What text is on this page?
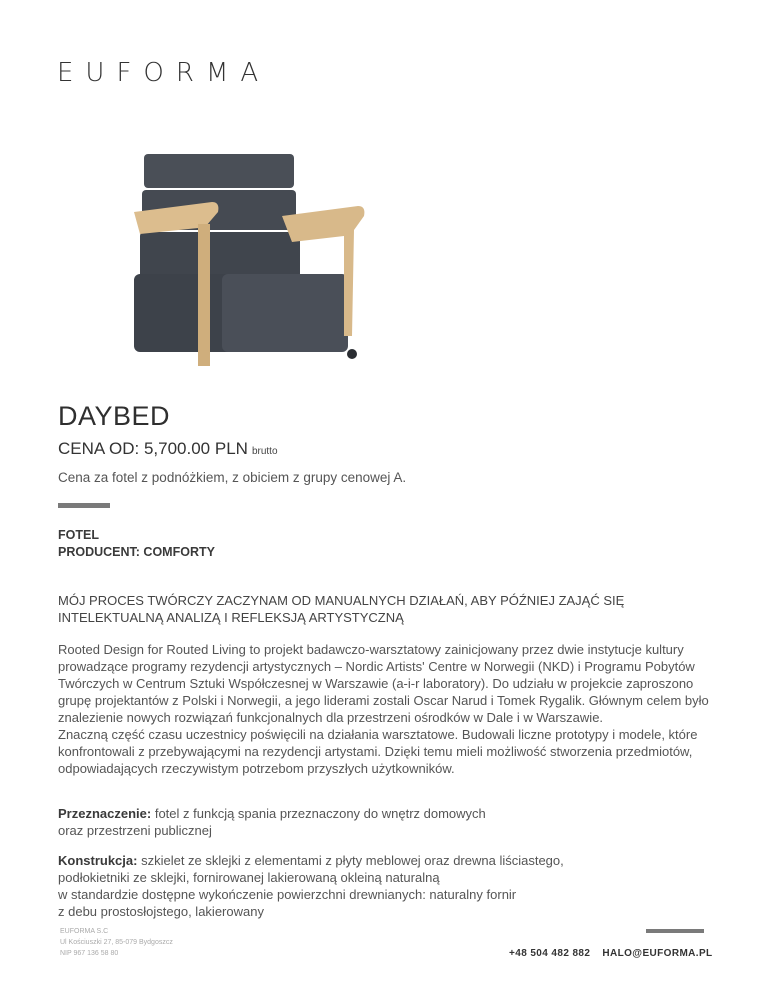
EUFORMA
DAYBED
CENA OD: 5,700.00 PLN brutto
Cena za fotel z podnóżkiem, z obiciem z grupy cenowej A.
FOTEL
PRODUCENT: COMFORTY
MÓJ PROCES TWÓRCZY ZACZYNAM OD MANUALNYCH DZIAŁAŃ, ABY PÓŹNIEJ ZAJĄĆ SIĘ INTELEKTUALNĄ ANALIZĄ I REFLEKSJĄ ARTYSTYCZNĄ

Rooted Design for Routed Living to projekt badawczo-warsztatowy zainicjowany przez dwie instytucje kultury prowadzące programy rezydencji artystycznych – Nordic Artists' Centre w Norwegii (NKD) i Programu Pobytów Twórczych w Centrum Sztuki Współczesnej w Warszawie (a-i-r laboratory). Do udziału w projekcie zaproszono grupę projektantów z Polski i Norwegii, a jego liderami zostali Oscar Narud i Tomek Rygalik. Głównym celem było znalezienie nowych rozwiązań funkcjonalnych dla przestrzeni ośrodków w Dale i w Warszawie.

Znaczną część czasu uczestnicy poświęcili na działania warsztatowe. Budowali liczne prototypy i modele, które konfrontowali z przebywającymi na rezydencji artystami. Dzięki temu mieli możliwość stworzenia przedmiotów, odpowiadających rzeczywistym potrzebom przyszłych użytkowników.

Przeznaczenie: fotel z funkcją spania przeznaczony do wnętrz domowych
oraz przestrzeni publicznej
Konstrukcja: szkielet ze sklejki z elementami z płyty meblowej oraz drewna liściastego,
podłokietniki ze sklejki, fornirowanej lakierowaną okleiną naturalną
w standardzie dostępne wykończenie powierzchni drewnianych: naturalny fornir
z debu prostosłojstego, lakierowany
EUFORMA S.C
Ul Kościuszki 27, 85-079 Bydgoszcz
NIP 967 136 58 80	+48 504 482 882 HALO@EUFORMA.PL
